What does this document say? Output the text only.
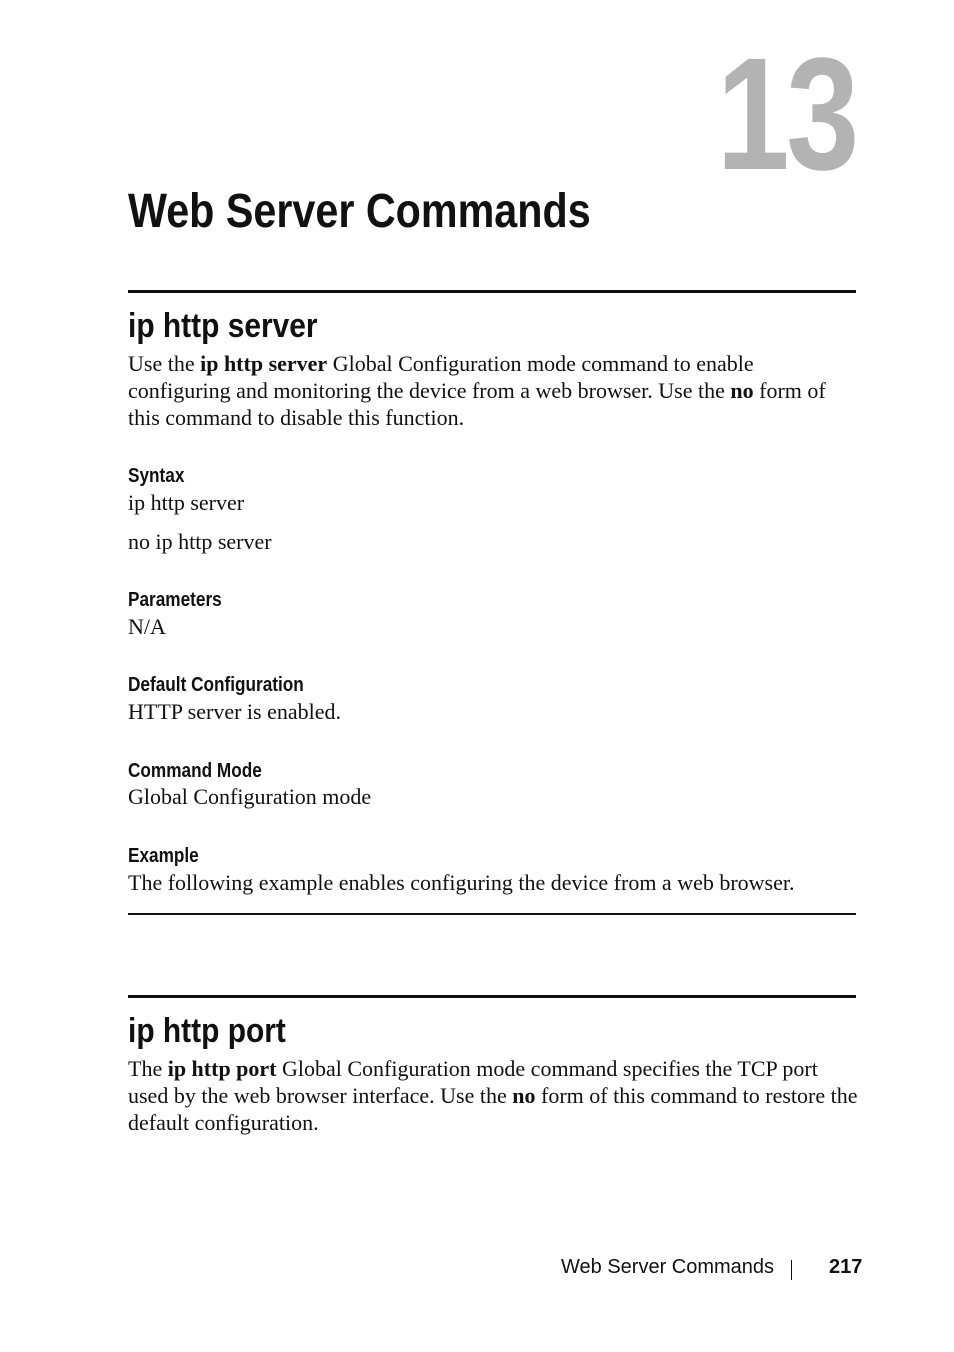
13
Web Server Commands
ip http server

Use the ip http server Global Configuration mode command to enable configuring and monitoring the device from a web browser. Use the no form of this command to disable this function.

Syntax

ip http server

no ip http server

Parameters

N/A

Default Configuration

HTTP server is enabled.

Command Mode

Global Configuration mode

Example

The following example enables configuring the device from a web browser.

ip http port

The ip http port Global Configuration mode command specifies the TCP port used by the web browser interface. Use the no form of this command to restore the default configuration.

Web Server Commands	217
